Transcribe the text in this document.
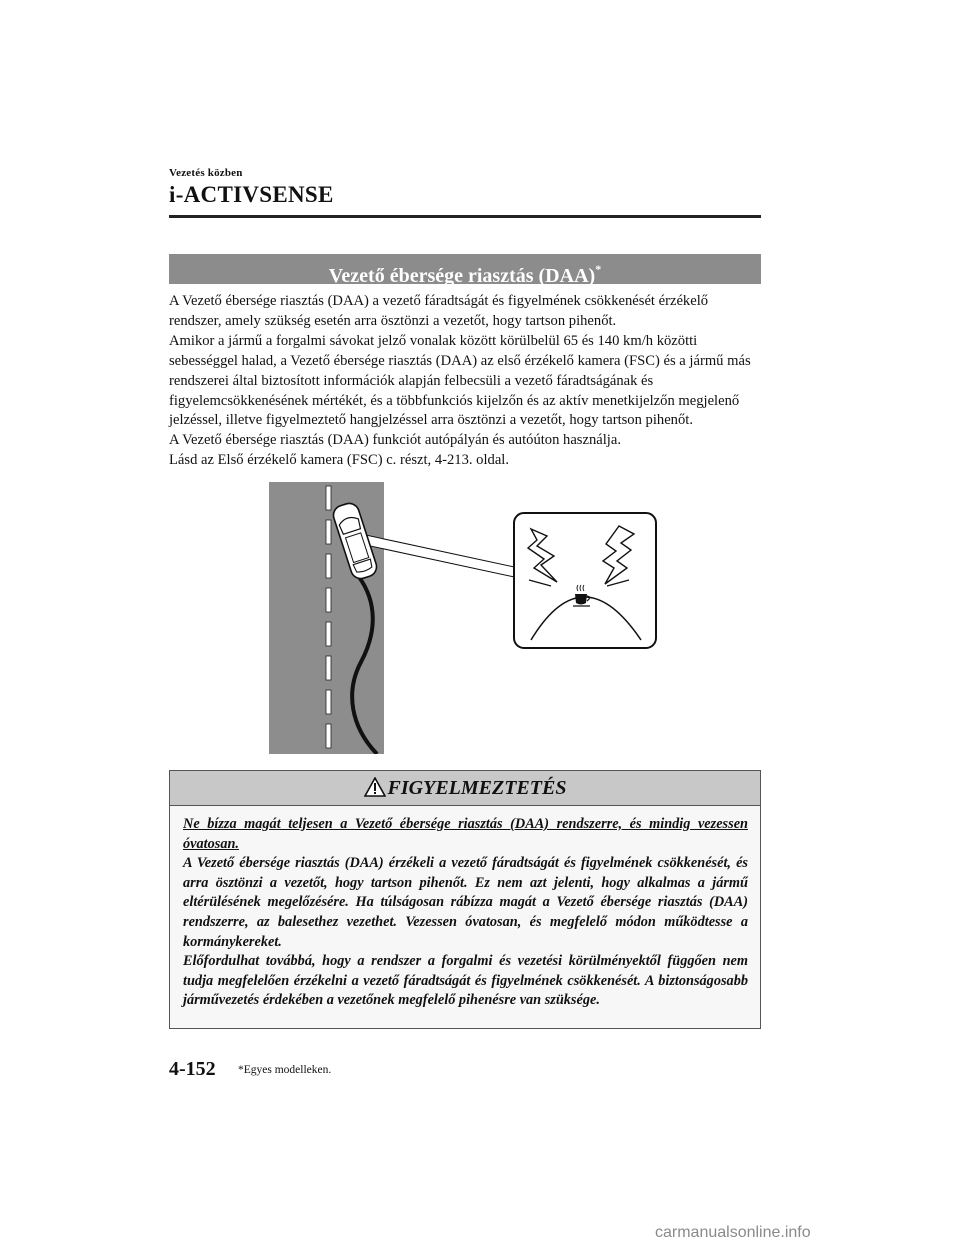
Vezetés közben
i-ACTIVSENSE
Vezető ébersége riasztás (DAA)*

A Vezető ébersége riasztás (DAA) a vezető fáradtságát és figyelmének csökkenését érzékelő rendszer, amely szükség esetén arra ösztönzi a vezetőt, hogy tartson pihenőt.

Amikor a jármű a forgalmi sávokat jelző vonalak között körülbelül 65 és 140 km/h közötti sebességgel halad, a Vezető ébersége riasztás (DAA) az első érzékelő kamera (FSC) és a jármű más rendszerei által biztosított információk alapján felbecsüli a vezető fáradtságának és figyelemcsökkenésének mértékét, és a többfunkciós kijelzőn és az aktív menetkijelzőn megjelenő jelzéssel, illetve figyelmeztető hangjelzéssel arra ösztönzi a vezetőt, hogy tartson pihenőt.

A Vezető ébersége riasztás (DAA) funkciót autópályán és autóúton használja.

Lásd az Első érzékelő kamera (FSC) c. részt, 4-213. oldal.

FIGYELMEZTETÉS

Ne bízza magát teljesen a Vezető ébersége riasztás (DAA) rendszerre, és mindig vezessen óvatosan.

A Vezető ébersége riasztás (DAA) érzékeli a vezető fáradtságát és figyelmének csökkenését, és arra ösztönzi a vezetőt, hogy tartson pihenőt. Ez nem azt jelenti, hogy alkalmas a jármű eltérülésének megelőzésére. Ha túlságosan rábízza magát a Vezető ébersége riasztás (DAA) rendszerre, az balesethez vezethet. Vezessen óvatosan, és megfelelő módon működtesse a kormánykereket.

Előfordulhat továbbá, hogy a rendszer a forgalmi és vezetési körülményektől függően nem tudja megfelelően érzékelni a vezető fáradtságát és figyelmének csökkenését. A biztonságosabb járművezetés érdekében a vezetőnek megfelelő pihenésre van szüksége.

4-152 *Egyes modelleken.
carmanualsonline.info
